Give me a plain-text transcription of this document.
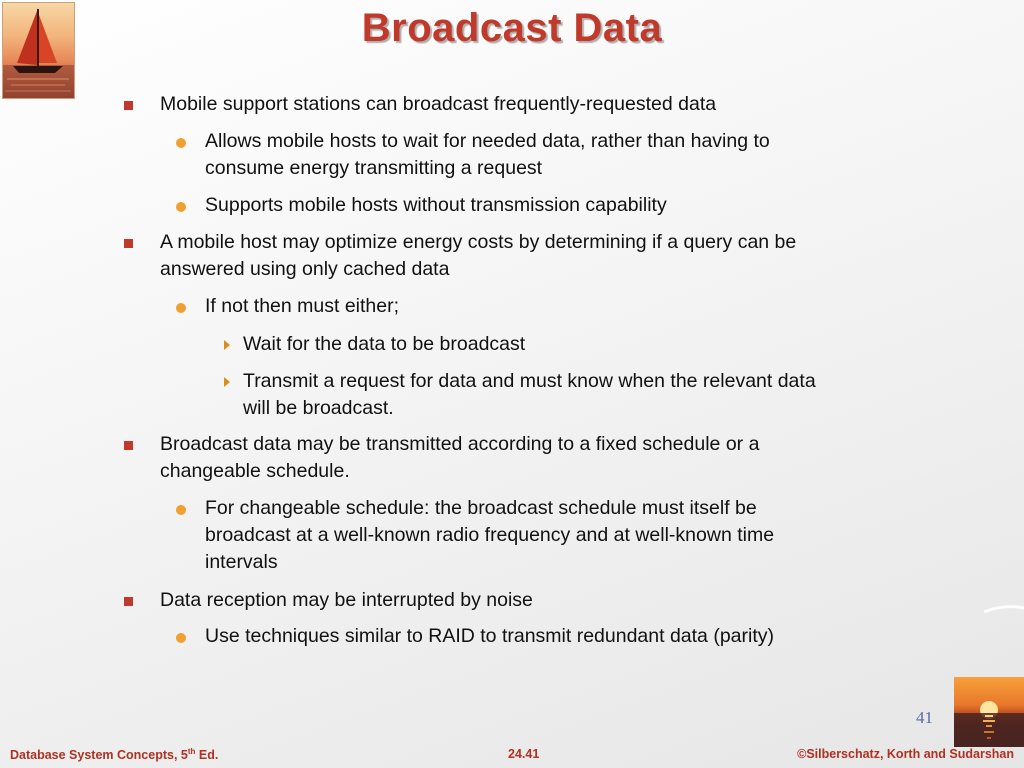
Broadcast Data
Mobile support stations can broadcast frequently-requested data
Allows mobile hosts to wait for needed data, rather than having to
consume energy transmitting a request
Supports mobile hosts without transmission capability
A mobile host may optimize energy costs by determining if a query can be
answered using only cached data
If not then must either;
Wait for the data to be broadcast
Transmit a request for data and must know when the relevant data
will be broadcast.
Broadcast data may be transmitted according to a fixed schedule or a
changeable schedule.
For changeable schedule: the broadcast schedule must itself be
broadcast at a well-known radio frequency and at well-known time
intervals
Data reception may be interrupted by noise
Use techniques similar to RAID to transmit redundant data (parity)
41
Database System Concepts, 5th Ed.	24.41	©Silberschatz, Korth and Sudarshan
